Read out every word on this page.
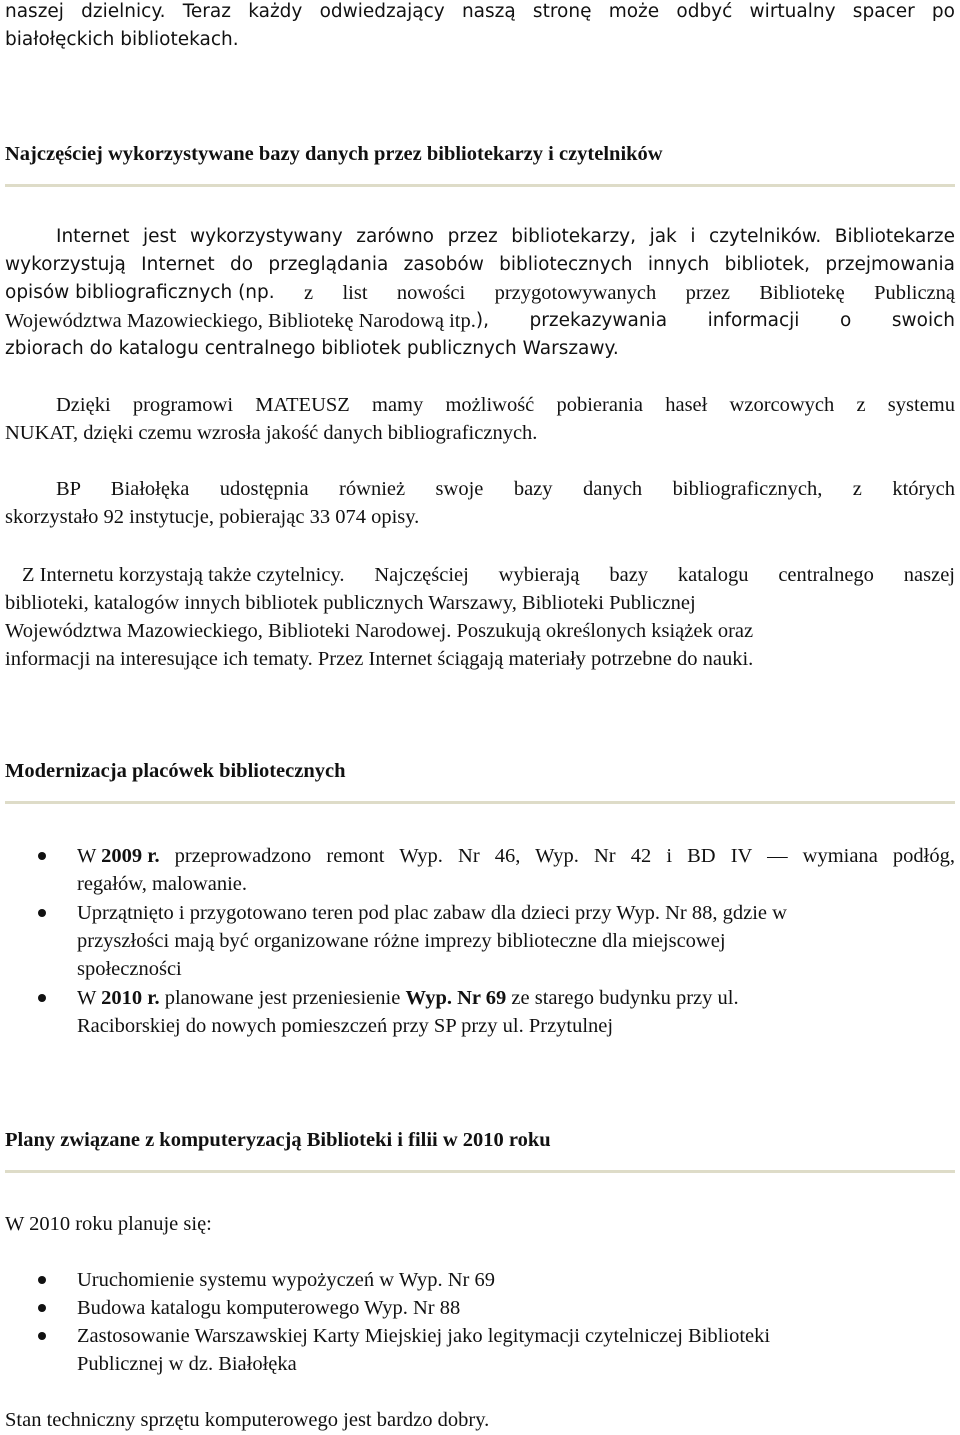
naszej dzielnicy. Teraz każdy odwiedzający naszą stronę może odbyć wirtualny spacer po
białołęckich bibliotekach.
Najczęściej wykorzystywane bazy danych przez bibliotekarzy i czytelników
Internet jest wykorzystywany zarówno przez bibliotekarzy, jak i czytelników. Bibliotekarze
wykorzystują Internet do przeglądania zasobów bibliotecznych innych bibliotek, przejmowania
opisów bibliograficznych (np. z list nowości przygotowywanych przez Bibliotekę Publiczną
Województwa Mazowieckiego, Bibliotekę Narodową itp. ), przekazywania informacji o swoich
zbiorach do katalogu centralnego bibliotek publicznych Warszawy.
Dzięki programowi MATEUSZ mamy możliwość pobierania haseł wzorcowych z systemu
NUKAT, dzięki czemu wzrosła jakość danych bibliograficznych.
BP Białołęka udostępnia również swoje bazy danych bibliograficznych, z których
skorzystało 92 instytucje, pobierając 33 074 opisy.
Z Internetu korzystają także czytelnicy. Najczęściej wybierają bazy katalogu centralnego naszej
biblioteki, katalogów innych bibliotek publicznych Warszawy, Biblioteki Publicznej
Województwa Mazowieckiego, Biblioteki Narodowej. Poszukują określonych książek oraz
informacji na interesujące ich tematy. Przez Internet ściągają materiały potrzebne do nauki.
Modernizacja placówek bibliotecznych
W 2009 r. przeprowadzono remont Wyp. Nr 46, Wyp. Nr 42 i BD IV — wymiana podłóg,
regałów, malowanie.
Uprzątnięto i przygotowano teren pod plac zabaw dla dzieci przy Wyp. Nr 88, gdzie w
przyszłości mają być organizowane różne imprezy biblioteczne dla miejscowej
społeczności
W 2010 r. planowane jest przeniesienie Wyp. Nr 69 ze starego budynku przy ul.
Raciborskiej do nowych pomieszczeń przy SP przy ul. Przytulnej
Plany związane z komputeryzacją Biblioteki i filii w 2010 roku
W 2010 roku planuje się:
Uruchomienie systemu wypożyczeń w Wyp. Nr 69
Budowa katalogu komputerowego Wyp. Nr 88
Zastosowanie Warszawskiej Karty Miejskiej jako legitymacji czytelniczej Biblioteki
Publicznej w dz. Białołęka
Stan techniczny sprzętu komputerowego jest bardzo dobry.
